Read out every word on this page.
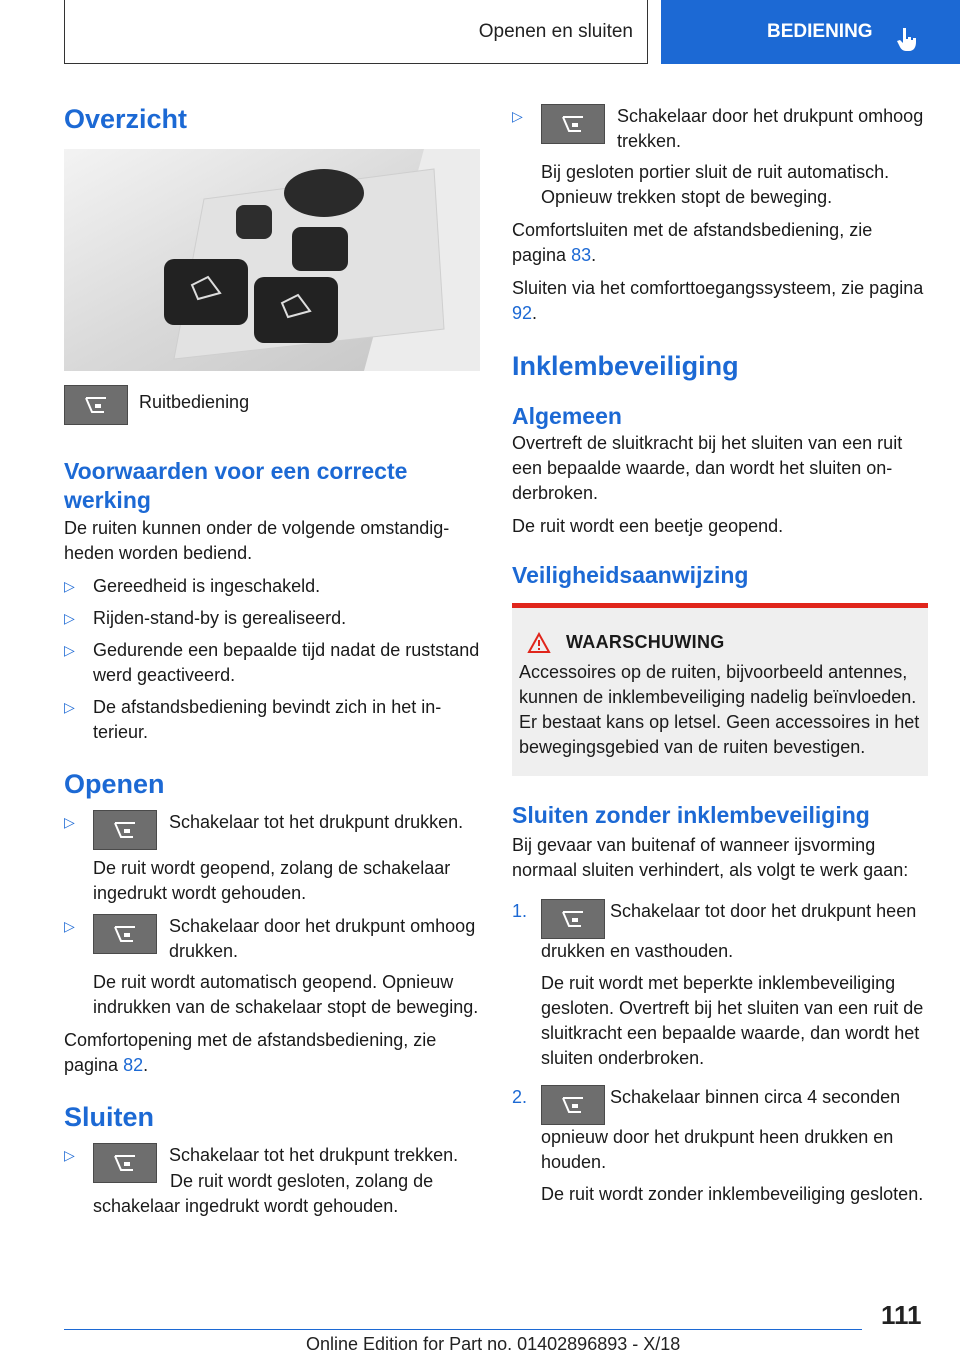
Openen en sluiten	BEDIENING
Overzicht
Ruitbediening
Voorwaarden voor een correcte werking

De ruiten kunnen onder de volgende omstandigheden worden bediend.

▷	Gereedheid is ingeschakeld.
▷	Rijden-stand-by is gerealiseerd.
▷	Gedurende een bepaalde tijd nadat de ruststand werd geactiveerd.
▷	De afstandsbediening bevindt zich in het interieur.
Openen
▷	Schakelaar tot het drukpunt drukken.

De ruit wordt geopend, zolang de schakelaar ingedrukt wordt gehouden.

▷	Schakelaar door het drukpunt omhoog drukken.

De ruit wordt automatisch geopend. Opnieuw indrukken van de schakelaar stopt de beweging.

Comfortopening met de afstandsbediening, zie pagina 82.

Sluiten
▷	Schakelaar tot het drukpunt trekken.

De ruit wordt gesloten, zolang de schakelaar ingedrukt wordt gehouden.

▷	Schakelaar door het drukpunt omhoog trekken.

Bij gesloten portier sluit de ruit automatisch. Opnieuw trekken stopt de beweging.

Comfortsluiten met de afstandsbediening, zie pagina 83.

Sluiten via het comforttoegangssysteem, zie pagina 92.

Inklembeveiliging
Algemeen

Overtreft de sluitkracht bij het sluiten van een ruit een bepaalde waarde, dan wordt het sluiten onderbroken.

De ruit wordt een beetje geopend.

Veiligheidsaanwijzing
WAARSCHUWING

Accessoires op de ruiten, bijvoorbeeld antennes, kunnen de inklembeveiliging nadelig beïnvloeden. Er bestaat kans op letsel. Geen accessoires in het bewegingsgebied van de ruiten bevestigen.

Sluiten zonder inklembeveiliging

Bij gevaar van buitenaf of wanneer ijsvorming normaal sluiten verhindert, als volgt te werk gaan:

1.	Schakelaar tot door het drukpunt heen drukken en vasthouden.

De ruit wordt met beperkte inklembeveiliging gesloten. Overtreft bij het sluiten van een ruit de sluitkracht een bepaalde waarde, dan wordt het sluiten onderbroken.

2.	Schakelaar binnen circa 4 seconden opnieuw door het drukpunt heen drukken en houden.

De ruit wordt zonder inklembeveiliging gesloten.

111
Online Edition for Part no. 01402896893 - X/18
